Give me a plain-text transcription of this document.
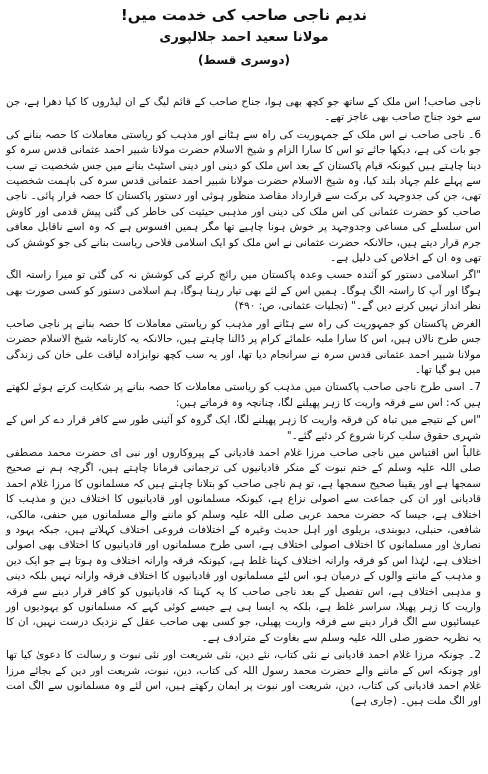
ندیم ناجی صاحب کی خدمت میں!
مولانا سعید احمد جلالپوری
(دوسری قسط)

ناجی صاحب! اس ملک کے ساتھ جو کچھ بھی ہوا، جناح صاحب کے قائم لیگ کے ان لیڈروں کا کیا دھرا ہے، جن سے خود جناح صاحب بھی عاجز تھے۔

6۔ ناجی صاحب نے اس ملک کے جمہوریت کی راہ سے ہٹانے اور مذہب کو ریاستی معاملات کا حصہ بنانے کی جو بات کی ہے، دیکھا جائے تو اس کا سارا الزام و شیخ الاسلام حضرت مولانا شبیر احمد عثمانی قدس سرہ کو دینا چاہتے ہیں کیونکہ قیام پاکستان کے بعد اس ملک کو دینی اور دینی اسٹیٹ بنانے میں جس شخصیت نے سب سے پہلے علم جہاد بلند کیا، وہ شیخ الاسلام حضرت مولانا شبیر احمد عثمانی قدس سرہ کی باہمت شخصیت تھی، جن کی جدوجہد کی برکت سے قرارداد مقاصد منظور ہوئی اور دستور پاکستان کا حصہ قرار پائی۔ ناجی صاحب کو حضرت عثمانی کی اس ملک کی دینی اور مذہبی حیثیت کی خاطر کی گئی پیش قدمی اور کاوش اس سلسلے کی مساعی وجدوجہد پر خوش ہونا چاہیے تھا مگر ہمیں افسوس ہے کہ وہ اسے ناقابل معافی جرم قرار دیتے ہیں، حالانکہ حضرت عثمانی نے اس ملک کو ایک اسلامی فلاحی ریاست بنانے کی جو کوشش کی تھی وہ ان کے اخلاص کی دلیل ہے۔

"اگر اسلامی دستور کو آئندہ حسب وعدہ پاکستان میں رائج کرنے کی کوشش نہ کی گئی تو میرا راستہ الگ ہوگا اور آپ کا راستہ الگ ہوگا۔ ہمیں اس کے لئے بھی تیار رہنا ہوگا، ہم اسلامی دستور کو کسی صورت بھی نظر انداز نہیں کرنے دیں گے۔" (تجلیات عثمانی، ص: ۴۹۰)

الغرض پاکستان کو جمہوریت کی راہ سے ہٹانے اور مذہب کو ریاستی معاملات کا حصہ بنانے پر ناجی صاحب جس طرح نالاں ہیں، اس کا سارا ملبہ علمائے کرام پر ڈالنا چاہتے ہیں، حالانکہ یہ کارنامہ شیخ الاسلام حضرت مولانا شبیر احمد عثمانی قدس سرہ نے سرانجام دیا تھا، اور یہ سب کچھ نوابزادہ لیاقت علی خان کی زندگی میں ہو گیا تھا۔

7۔ اسی طرح ناجی صاحب پاکستان میں مذہب کو ریاستی معاملات کا حصہ بنانے پر شکایت کرتے ہوئے لکھتے ہیں کہ: اس سے فرقہ واریت کا زہر پھیلنے لگا، چنانچہ وہ فرماتے ہیں:

"اس کے نتیجے میں تباہ کن فرقہ واریت کا زہر پھیلنے لگا، ایک گروہ کو آئینی طور سے کافر قرار دے کر اس کے شہری حقوق سلب کرنا شروع کر دئیے گئے۔"

غالباً اس اقتباس میں ناجی صاحب مرزا غلام احمد قادیانی کے پیروکاروں اور نبی ای حضرت محمد مصطفی صلی اللہ علیہ وسلم کے ختم نبوت کے منکر قادیانیوں کی ترجمانی فرمانا چاہتے ہیں، اگرچہ ہم نے صحیح سمجھا ہے اور یقینا صحیح سمجھا ہے، تو ہم ناجی صاحب کو بتلانا چاہتے ہیں کہ مسلمانوں کا مرزا غلام احمد قادیانی اور ان کی جماعت سے اصولی نزاع ہے، کیونکہ مسلمانوں اور قادیانیوں کا اختلاف دین و مذہب کا اختلاف ہے، جیسا کہ حضرت محمد عربی صلی اللہ علیہ وسلم کو ماننے والے مسلمانوں میں حنفی، مالکی، شافعی، حنبلی، دیوبندی، بریلوی اور اہل حدیث وغیرہ کے اختلافات فروعی اختلاف کہلاتے ہیں، جبکہ یہود و نصاریٰ اور مسلمانوں کا اختلاف اصولی اختلاف ہے، اسی طرح مسلمانوں اور قادیانیوں کا اختلاف بھی اصولی اختلاف ہے، لہٰذا اس کو فرقہ وارانہ اختلاف کہنا غلط ہے، کیونکہ فرقہ وارانہ اختلاف وہ ہوتا ہے جو ایک دین و مذہب کے ماننے والوں کے درمیان ہو، اس لئے مسلمانوں اور قادیانیوں کا اختلاف فرقہ وارانہ نہیں بلکہ دینی و مذہبی اختلاف ہے، اس تفصیل کے بعد ناجی صاحب کا یہ کہنا کہ قادیانیوں کو کافر قرار دینے سے فرقہ واریت کا زہر پھیلا، سراسر غلط ہے، بلکہ یہ ایسا ہی ہے جیسے کوئی کہے کہ مسلمانوں کو یہودیوں اور عیسائیوں سے الگ قرار دینے سے فرقہ واریت پھیلی، جو کسی بھی صاحب عقل کے نزدیک درست نہیں، ان کا یہ نظریہ حضور صلی اللہ علیہ وسلم سے بغاوت کے مترادف ہے۔

2۔ چونکہ مرزا غلام احمد قادیانی نے نئی کتاب، نئے دین، نئی شریعت اور نئی نبوت و رسالت کا دعویٰ کیا تھا اور چونکہ اس کے ماننے والے حضرت محمد رسول اللہ کی کتاب، دین، نبوت، شریعت اور دین کے بجائے مرزا غلام احمد قادیانی کی کتاب، دین، شریعت اور نبوت پر ایمان رکھتے ہیں، اس لئے وہ مسلمانوں سے الگ امت اور الگ ملت ہیں۔ (جاری ہے)
